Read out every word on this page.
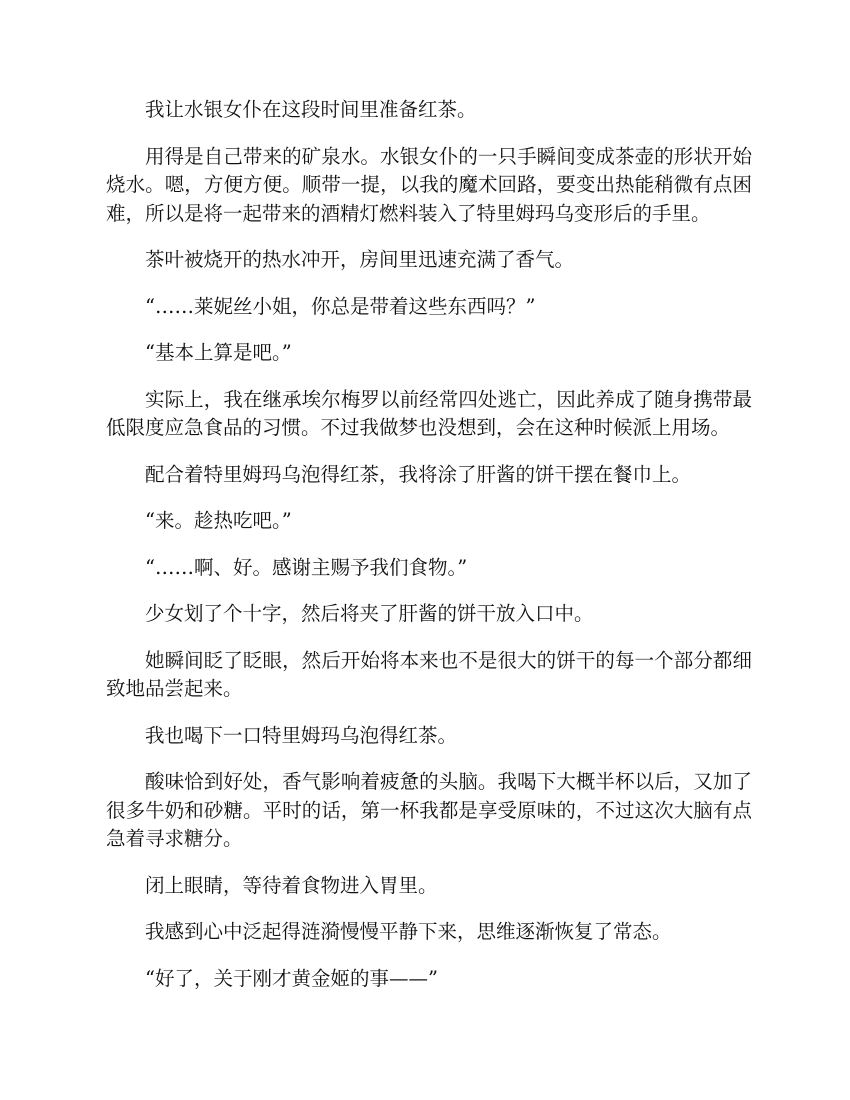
我让水银女仆在这段时间里准备红茶。

用得是自己带来的矿泉水。水银女仆的一只手瞬间变成茶壶的形状开始烧水。嗯，方便方便。顺带一提，以我的魔术回路，要变出热能稍微有点困难，所以是将一起带来的酒精灯燃料装入了特里姆玛乌变形后的手里。

茶叶被烧开的热水冲开，房间里迅速充满了香气。

“……莱妮丝小姐，你总是带着这些东西吗？”

“基本上算是吧。”

实际上，我在继承埃尔梅罗以前经常四处逃亡，因此养成了随身携带最低限度应急食品的习惯。不过我做梦也没想到，会在这种时候派上用场。

配合着特里姆玛乌泡得红茶，我将涂了肝酱的饼干摆在餐巾上。

“来。趁热吃吧。”

“……啊、好。感谢主赐予我们食物。”

少女划了个十字，然后将夹了肝酱的饼干放入口中。

她瞬间眨了眨眼，然后开始将本来也不是很大的饼干的每一个部分都细致地品尝起来。

我也喝下一口特里姆玛乌泡得红茶。

酸味恰到好处，香气影响着疲惫的头脑。我喝下大概半杯以后，又加了很多牛奶和砂糖。平时的话，第一杯我都是享受原味的，不过这次大脑有点急着寻求糖分。

闭上眼睛，等待着食物进入胃里。

我感到心中泛起得涟漪慢慢平静下来，思维逐渐恢复了常态。

“好了，关于刚才黄金姬的事——”
